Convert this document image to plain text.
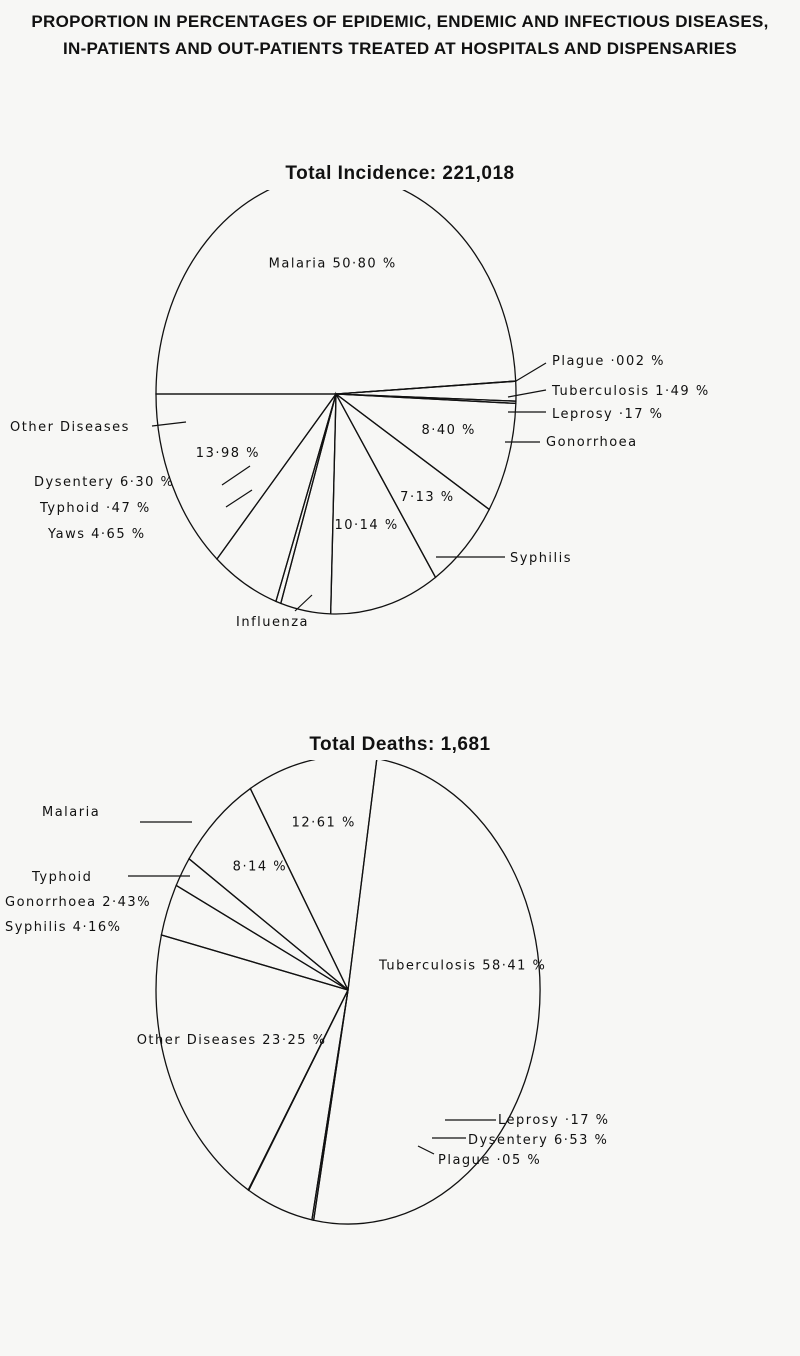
PROPORTION IN PERCENTAGES OF EPIDEMIC, ENDEMIC AND INFECTIOUS DISEASES, IN-PATIENTS AND OUT-PATIENTS TREATED AT HOSPITALS AND DISPENSARIES
Total Incidence: 221,018
Total Deaths: 1,681
Other Diseases
Plague ·002 %
Tuberculosis 1·49 %
Leprosy ·17 %
Gonorrhoea
Syphilis
Influenza
Dysentery 6·30 %
Typhoid ·47 %
Yaws 4·65 %
Malaria 50·80 %
8·40 %
7·13 %
10·14 %
13·98 %
Malaria
Typhoid
Gonorrhoea 2·43%
Syphilis 4·16%
Leprosy ·17 %
Dysentery 6·53 %
Plague ·05 %
Tuberculosis 58·41 %
Other Diseases 23·25 %
8·14 %
12·61 %
